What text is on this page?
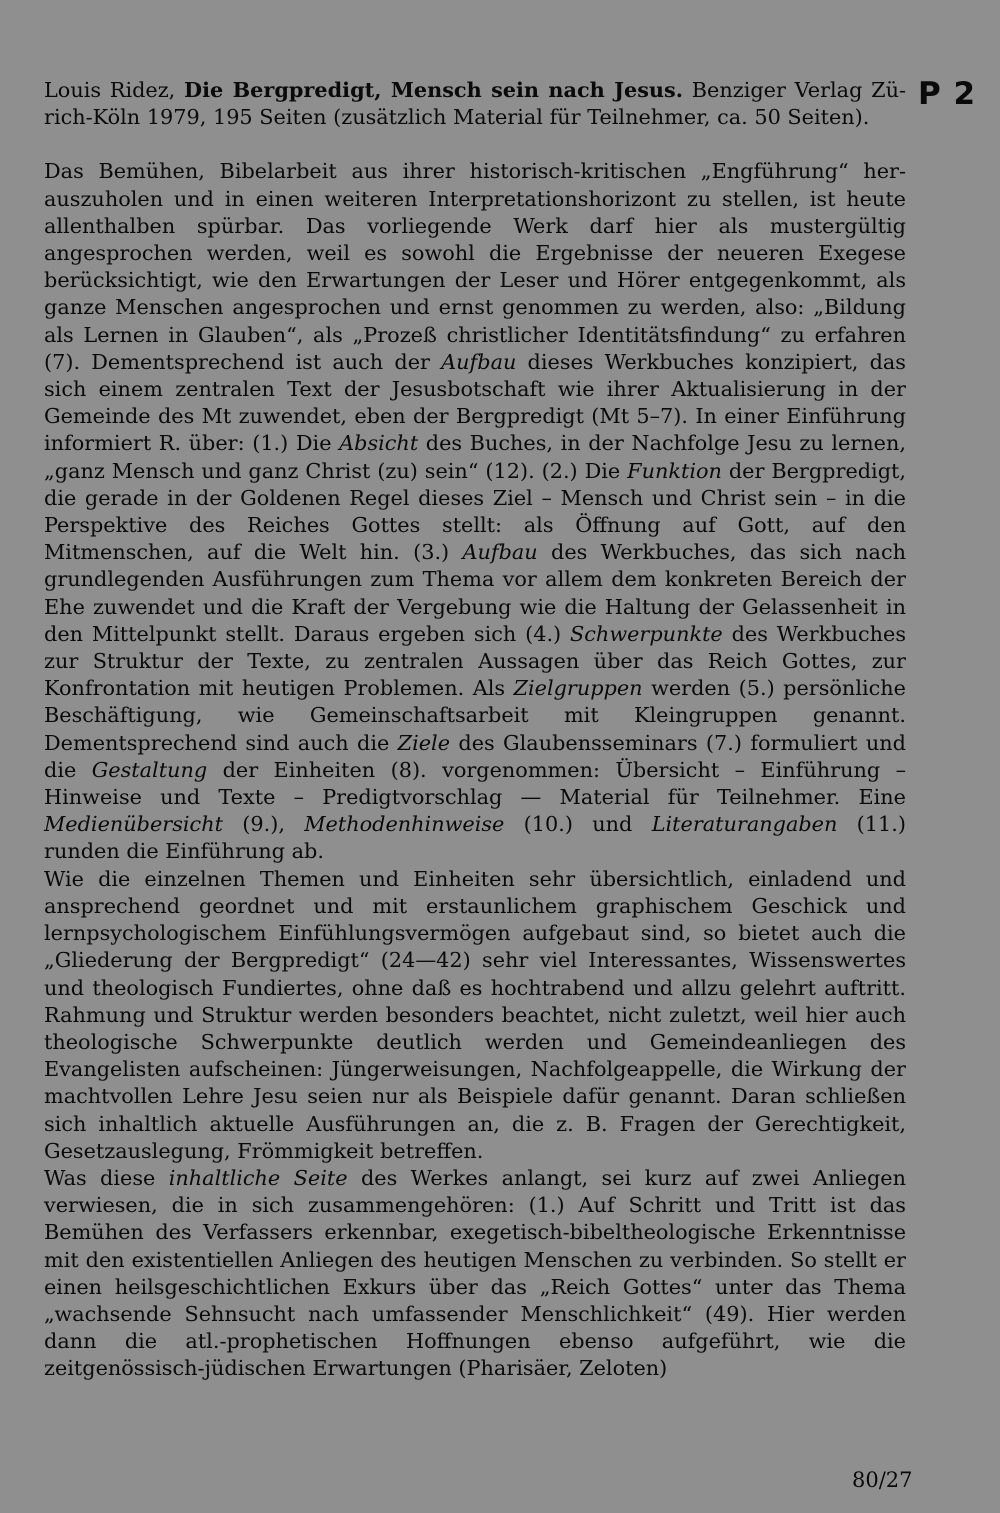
P 2

Louis Ridez, Die Bergpredigt, Mensch sein nach Jesus. Benziger Verlag Zürich-Köln 1979, 195 Seiten (zusätzlich Material für Teilnehmer, ca. 50 Seiten).

Das Bemühen, Bibelarbeit aus ihrer historisch-kritischen „Engführung“ herauszuholen und in einen weiteren Interpretationshorizont zu stellen, ist heute allenthalben spürbar. Das vorliegende Werk darf hier als mustergültig angesprochen werden, weil es sowohl die Ergebnisse der neueren Exegese berücksichtigt, wie den Erwartungen der Leser und Hörer entgegenkommt, als ganze Menschen angesprochen und ernst genommen zu werden, also: „Bildung als Lernen in Glauben“, als „Prozeß christlicher Identitätsfindung“ zu erfahren (7). Dementsprechend ist auch der Aufbau dieses Werkbuches konzipiert, das sich einem zentralen Text der Jesusbotschaft wie ihrer Aktualisierung in der Gemeinde des Mt zuwendet, eben der Bergpredigt (Mt 5–7). In einer Einführung informiert R. über: (1.) Die Absicht des Buches, in der Nachfolge Jesu zu lernen, „ganz Mensch und ganz Christ (zu) sein“ (12). (2.) Die Funktion der Bergpredigt, die gerade in der Goldenen Regel dieses Ziel – Mensch und Christ sein – in die Perspektive des Reiches Gottes stellt: als Öffnung auf Gott, auf den Mitmenschen, auf die Welt hin. (3.) Aufbau des Werkbuches, das sich nach grundlegenden Ausführungen zum Thema vor allem dem konkreten Bereich der Ehe zuwendet und die Kraft der Vergebung wie die Haltung der Gelassenheit in den Mittelpunkt stellt. Daraus ergeben sich (4.) Schwerpunkte des Werkbuches zur Struktur der Texte, zu zentralen Aussagen über das Reich Gottes, zur Konfrontation mit heutigen Problemen. Als Zielgruppen werden (5.) persönliche Beschäftigung, wie Gemeinschaftsarbeit mit Kleingruppen genannt. Dementsprechend sind auch die Ziele des Glaubensseminars (7.) formuliert und die Gestaltung der Einheiten (8). vorgenommen: Übersicht – Einführung – Hinweise und Texte – Predigtvorschlag — Material für Teilnehmer. Eine Medienübersicht (9.), Methodenhinweise (10.) und Literaturangaben (11.) runden die Einführung ab.

Wie die einzelnen Themen und Einheiten sehr übersichtlich, einladend und ansprechend geordnet und mit erstaunlichem graphischem Geschick und lernpsychologischem Einfühlungsvermögen aufgebaut sind, so bietet auch die „Gliederung der Bergpredigt“ (24—42) sehr viel Interessantes, Wissenswertes und theologisch Fundiertes, ohne daß es hochtrabend und allzu gelehrt auftritt. Rahmung und Struktur werden besonders beachtet, nicht zuletzt, weil hier auch theologische Schwerpunkte deutlich werden und Gemeindeanliegen des Evangelisten aufscheinen: Jüngerweisungen, Nachfolgeappelle, die Wirkung der machtvollen Lehre Jesu seien nur als Beispiele dafür genannt. Daran schließen sich inhaltlich aktuelle Ausführungen an, die z. B. Fragen der Gerechtigkeit, Gesetzauslegung, Frömmigkeit betreffen.

Was diese inhaltliche Seite des Werkes anlangt, sei kurz auf zwei Anliegen verwiesen, die in sich zusammengehören: (1.) Auf Schritt und Tritt ist das Bemühen des Verfassers erkennbar, exegetisch-bibeltheologische Erkenntnisse mit den existentiellen Anliegen des heutigen Menschen zu verbinden. So stellt er einen heilsgeschichtlichen Exkurs über das „Reich Gottes“ unter das Thema „wachsende Sehnsucht nach umfassender Menschlichkeit“ (49). Hier werden dann die atl.-prophetischen Hoffnungen ebenso aufgeführt, wie die zeitgenössisch-jüdischen Erwartungen (Pharisäer, Zeloten)

80/27
